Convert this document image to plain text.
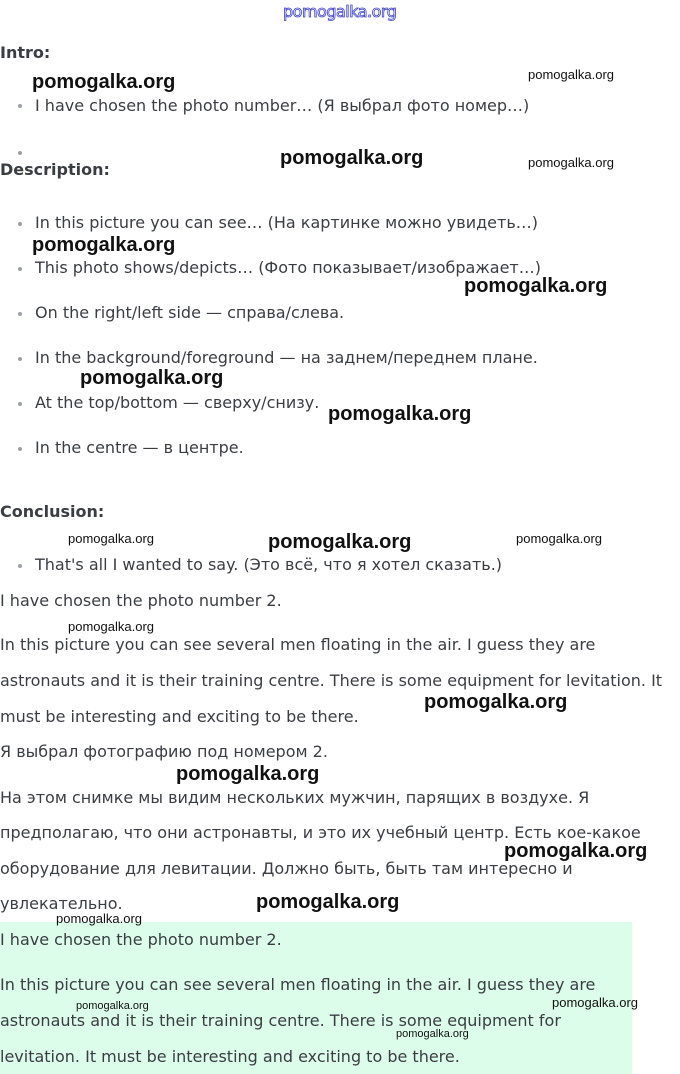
pomogalka.org
Intro:
I have chosen the photo number… (Я выбрал фото номер…)
Description:
In this picture you can see… (На картинке можно увидеть…)
This photo shows/depicts… (Фото показывает/изображает…)
On the right/left side — справа/слева.
In the background/foreground — на заднем/переднем плане.
At the top/bottom — сверху/снизу.
In the centre — в центре.
Conclusion:
That's all I wanted to say. (Это всё, что я хотел сказать.)
I have chosen the photo number 2.
In this picture you can see several men floating in the air. I guess they are
astronauts and it is their training centre. There is some equipment for levitation. It
must be interesting and exciting to be there.
Я выбрал фотографию под номером 2.
На этом снимке мы видим нескольких мужчин, парящих в воздухе. Я
предполагаю, что они астронавты, и это их учебный центр. Есть кое-какое
оборудование для левитации. Должно быть, быть там интересно и
увлекательно.
I have chosen the photo number 2.
In this picture you can see several men floating in the air. I guess they are
astronauts and it is their training centre. There is some equipment for
levitation. It must be interesting and exciting to be there.
pomogalka.org
pomogalka.org
pomogalka.org
pomogalka.org
pomogalka.org
pomogalka.org
pomogalka.org
pomogalka.org
pomogalka.org
pomogalka.org
pomogalka.org
pomogalka.org
pomogalka.org
pomogalka.org	pomogalka.org
pomogalka.org
pomogalka.org
pomogalka.org
pomogalka.org
pomogalka.org
